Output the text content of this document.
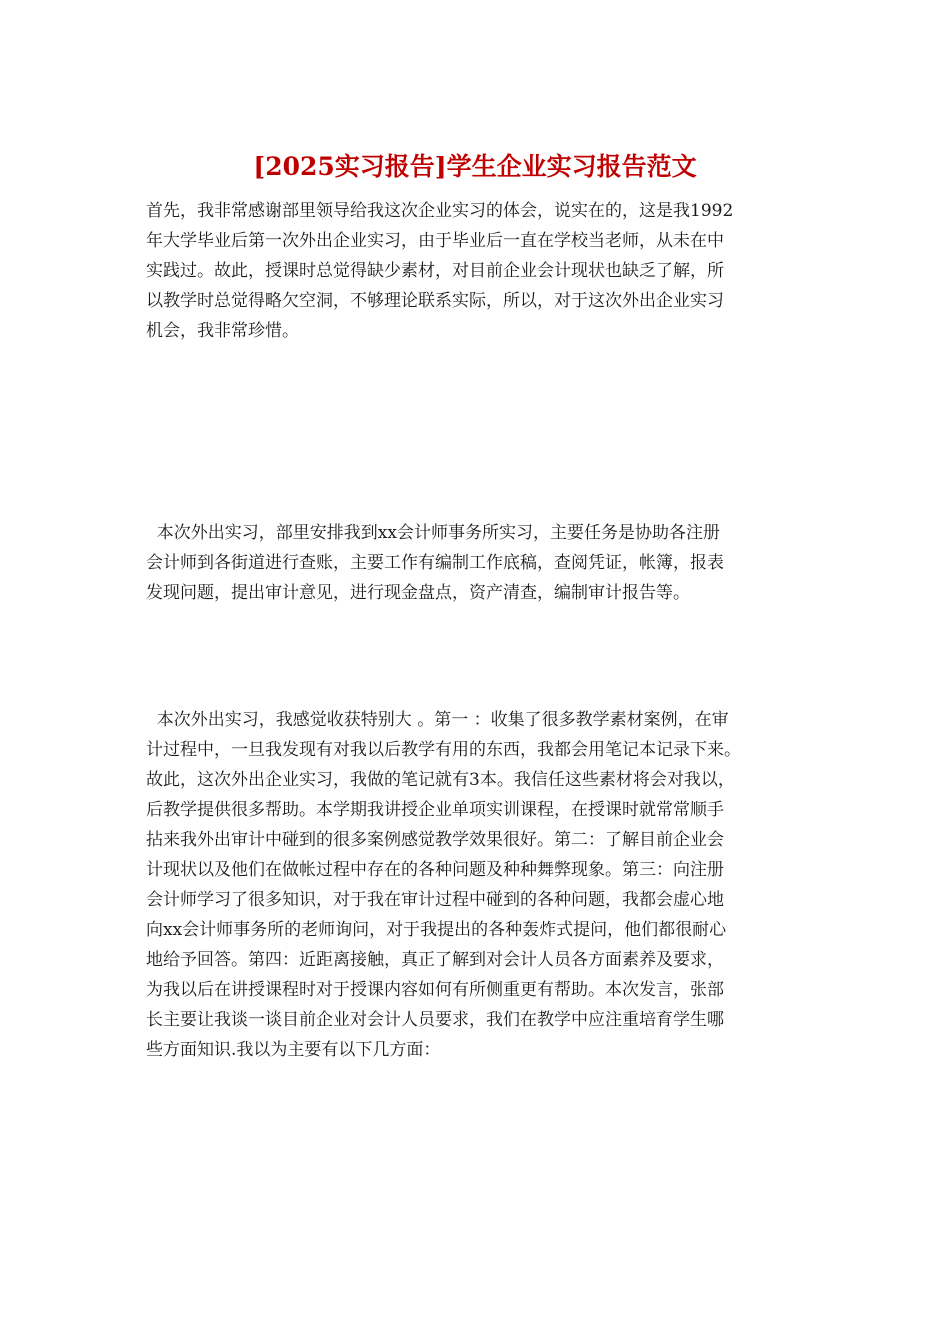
[2025实习报告]学生企业实习报告范文
首先，我非常感谢部里领导给我这次企业实习的体会，说实在的，这是我1992
年大学毕业后第一次外出企业实习，由于毕业后一直在学校当老师，从未在中
实践过。故此，授课时总觉得缺少素材，对目前企业会计现状也缺乏了解，所
以教学时总觉得略欠空洞，不够理论联系实际，所以，对于这次外出企业实习
机会，我非常珍惜。
本次外出实习，部里安排我到xx会计师事务所实习，主要任务是协助各注册
会计师到各街道进行查账，主要工作有编制工作底稿，查阅凭证，帐簿，报表
发现问题，提出审计意见，进行现金盘点，资产清查，编制审计报告等。
本次外出实习，我感觉收获特别大 。第一 ：收集了很多教学素材案例，在审
计过程中，一旦我发现有对我以后教学有用的东西，我都会用笔记本记录下来。
故此，这次外出企业实习，我做的笔记就有3本。我信任这些素材将会对我以，
后教学提供很多帮助。本学期我讲授企业单项实训课程，在授课时就常常顺手
拈来我外出审计中碰到的很多案例感觉教学效果很好。第二：了解目前企业会
计现状以及他们在做帐过程中存在的各种问题及种种舞弊现象。第三：向注册
会计师学习了很多知识，对于我在审计过程中碰到的各种问题，我都会虚心地
向xx会计师事务所的老师询问，对于我提出的各种轰炸式提问，他们都很耐心
地给予回答。第四：近距离接触，真正了解到对会计人员各方面素养及要求，
为我以后在讲授课程时对于授课内容如何有所侧重更有帮助。本次发言，张部
长主要让我谈一谈目前企业对会计人员要求，我们在教学中应注重培育学生哪
些方面知识.我以为主要有以下几方面：
